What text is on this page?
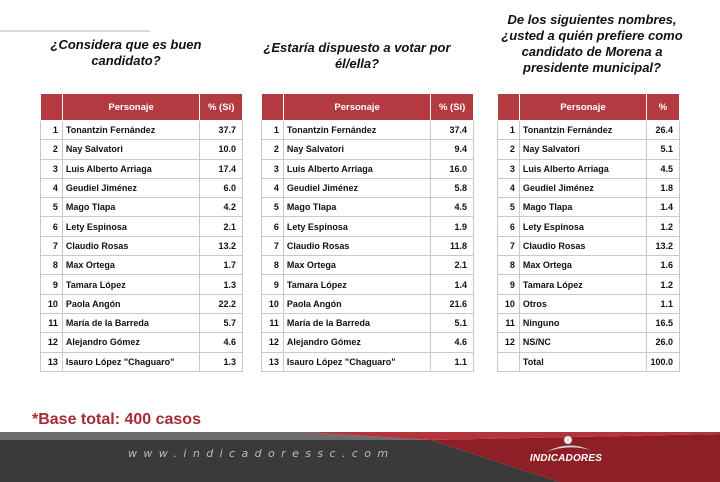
¿Considera que es buen candidato?
¿Estaría dispuesto a votar por él/ella?
De los siguientes nombres, ¿usted a quién prefiere como candidato de Morena a presidente municipal?
	Personaje	% (Sí)
1	Tonantzin Fernández	37.7
2	Nay Salvatori	10.0
3	Luis Alberto Arriaga	17.4
4	Geudiel Jiménez	6.0
5	Mago Tlapa	4.2
6	Lety Espinosa	2.1
7	Claudio Rosas	13.2
8	Max Ortega	1.7
9	Tamara López	1.3
10	Paola Angón	22.2
11	María de la Barreda	5.7
12	Alejandro Gómez	4.6
13	Isauro López "Chaguaro"	1.3
	Personaje	% (Sí)
1	Tonantzin Fernández	37.4
2	Nay Salvatori	9.4
3	Luis Alberto Arriaga	16.0
4	Geudiel Jiménez	5.8
5	Mago Tlapa	4.5
6	Lety Espinosa	1.9
7	Claudio Rosas	11.8
8	Max Ortega	2.1
9	Tamara López	1.4
10	Paola Angón	21.6
11	María de la Barreda	5.1
12	Alejandro Gómez	4.6
13	Isauro López "Chaguaro"	1.1
	Personaje	%
1	Tonantzin Fernández	26.4
2	Nay Salvatori	5.1
3	Luis Alberto Arriaga	4.5
4	Geudiel Jiménez	1.8
5	Mago Tlapa	1.4
6	Lety Espinosa	1.2
7	Claudio Rosas	13.2
8	Max Ortega	1.6
9	Tamara López	1.2
10	Otros	1.1
11	Ninguno	16.5
12	NS/NC	26.0
	Total	100.0
*Base total: 400 casos
www.indicadoressc.com	INDICADORES
